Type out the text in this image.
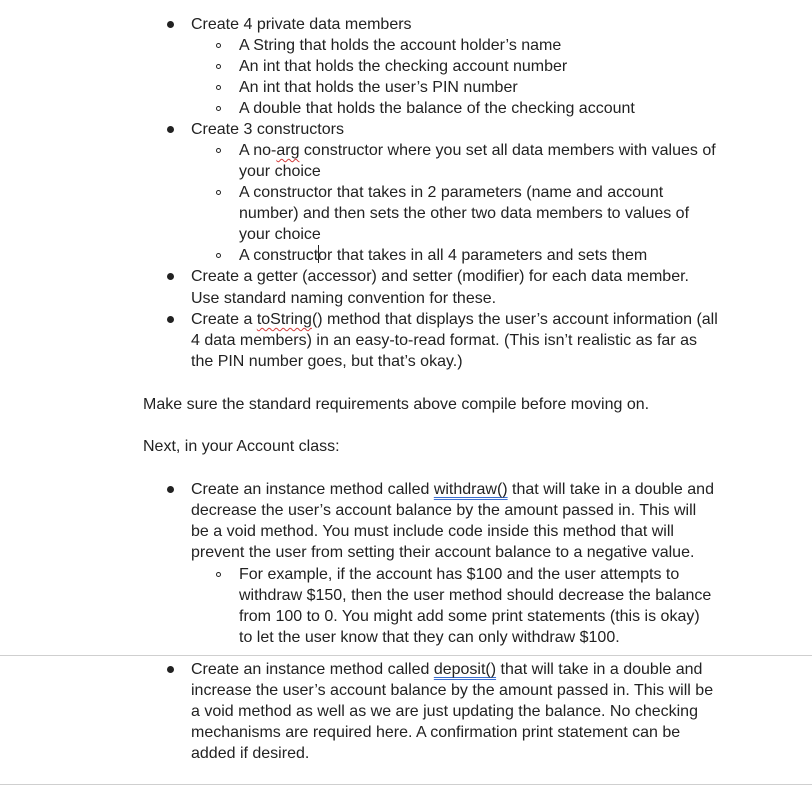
Create 4 private data members
A String that holds the account holder’s name
An int that holds the checking account number
An int that holds the user’s PIN number
A double that holds the balance of the checking account
Create 3 constructors
A no-arg constructor where you set all data members with values of
your choice
A constructor that takes in 2 parameters (name and account
number) and then sets the other two data members to values of
your choice
A constructor that takes in all 4 parameters and sets them
Create a getter (accessor) and setter (modifier) for each data member.
Use standard naming convention for these.
Create a toString() method that displays the user’s account information (all
4 data members) in an easy-to-read format. (This isn’t realistic as far as
the PIN number goes, but that’s okay.)
Make sure the standard requirements above compile before moving on.
Next, in your Account class:
Create an instance method called withdraw() that will take in a double and
decrease the user’s account balance by the amount passed in. This will
be a void method. You must include code inside this method that will
prevent the user from setting their account balance to a negative value.
For example, if the account has $100 and the user attempts to
withdraw $150, then the user method should decrease the balance
from 100 to 0. You might add some print statements (this is okay)
to let the user know that they can only withdraw $100.
Create an instance method called deposit() that will take in a double and
increase the user’s account balance by the amount passed in. This will be
a void method as well as we are just updating the balance. No checking
mechanisms are required here. A confirmation print statement can be
added if desired.
